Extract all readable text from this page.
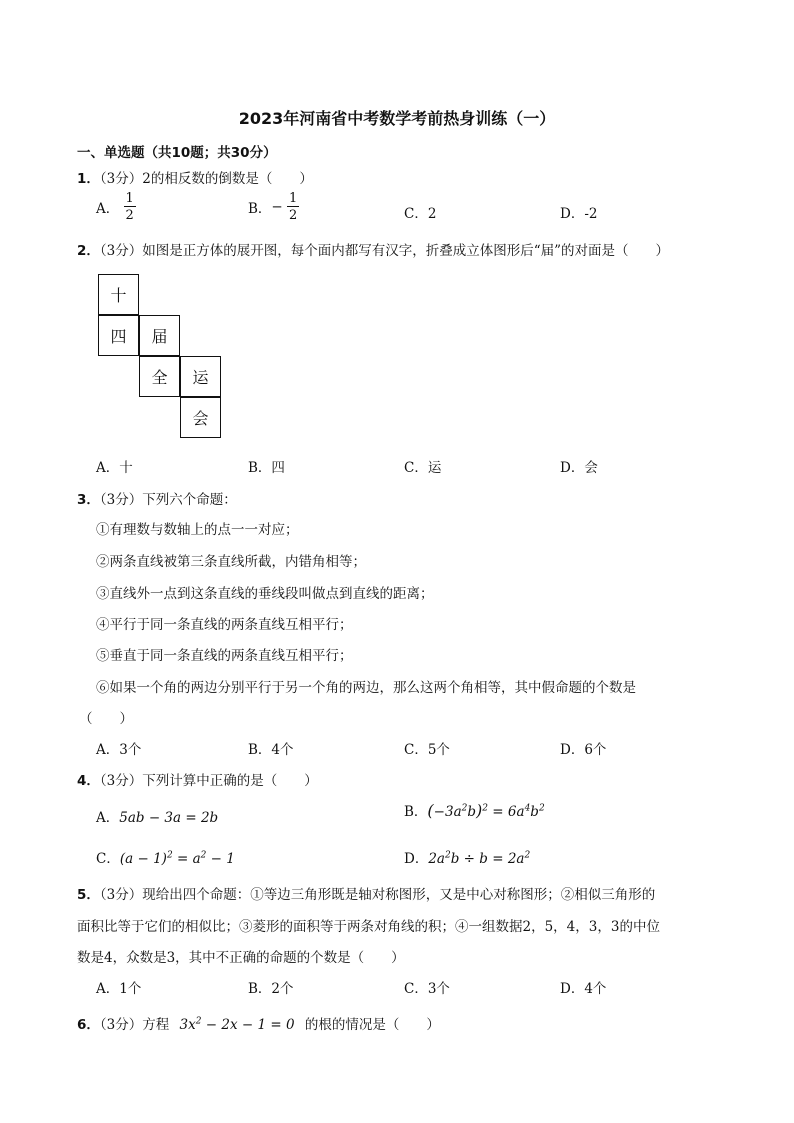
2023年河南省中考数学考前热身训练（一）
一、单选题（共10题；共30分）
1．（3分）2的相反数的倒数是（　　）
A． $\frac{1}{2}$	B．− $\frac{1}{2}$	C．2	D．-2
2．（3分）如图是正方体的展开图，每个面内都写有汉字，折叠成立体图形后“届”的对面是（　　）
十
四	届
全	运
会
A．十	B．四	C．运	D．会
3．（3分）下列六个命题：
①有理数与数轴上的点一一对应；
②两条直线被第三条直线所截，内错角相等；
③直线外一点到这条直线的垂线段叫做点到直线的距离；
④平行于同一条直线的两条直线互相平行；
⑤垂直于同一条直线的两条直线互相平行；
⑥如果一个角的两边分别平行于另一个角的两边，那么这两个角相等，其中假命题的个数是
（　　）
A．3个	B．4个	C．5个	D．6个
4．（3分）下列计算中正确的是（　　）
A．5ab − 3a = 2b	B．$(-3a^2b)^2 = 6a^4b^2$
C．$(a - 1)^2 = a^2 - 1$	D．$2a^2b \div b = 2a^2$
5．（3分）现给出四个命题：①等边三角形既是轴对称图形，又是中心对称图形；②相似三角形的
面积比等于它们的相似比；③菱形的面积等于两条对角线的积；④一组数据2，5，4，3，3的中位
数是4，众数是3，其中不正确的命题的个数是（　　）
A．1个	B．2个	C．3个	D．4个
6．（3分）方程 $3x^2 - 2x - 1 = 0$ 的根的情况是（　　）
